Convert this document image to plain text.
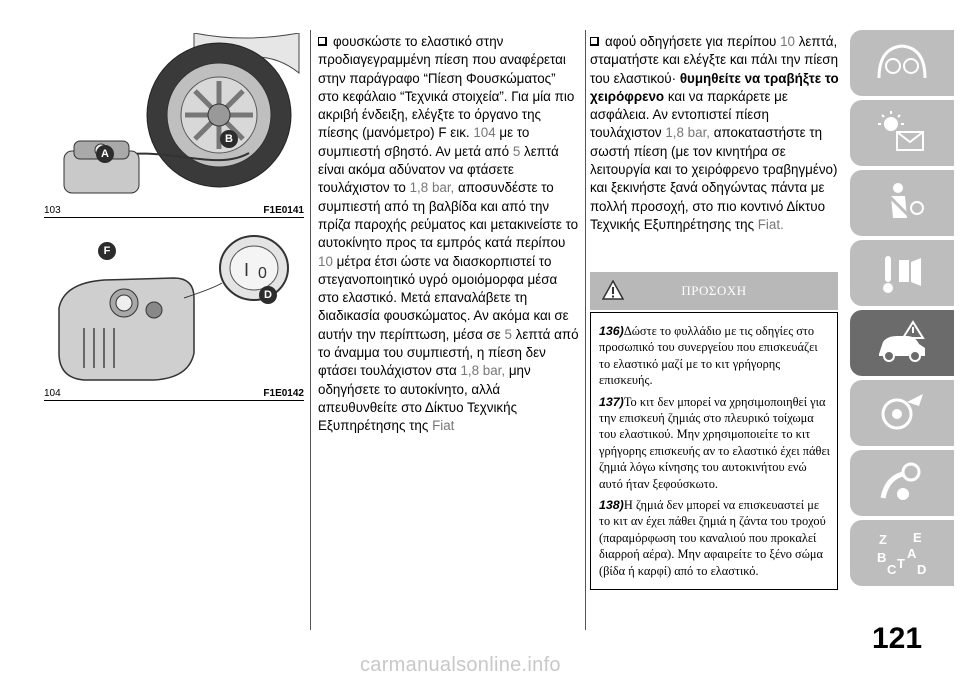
A
B
103	F1E0141
I 0
F
D
104	F1E0142
φουσκώστε το ελαστικό στην προδιαγεγραμμένη πίεση που αναφέρεται στην παράγραφο “Πίεση Φουσκώματος” στο κεφάλαιο “Τεχνικά στοιχεία”. Για μία πιο ακριβή ένδειξη, ελέγξτε το όργανο της πίεσης (μανόμετρο) F εικ. 104 με το συμπιεστή σβηστό. Αν μετά από 5 λεπτά είναι ακόμα αδύνατον να φτάσετε τουλάχιστον το 1,8 bar, αποσυνδέστε το συμπιεστή από τη βαλβίδα και από την πρίζα παροχής ρεύματος και μετακινείστε το αυτοκίνητο προς τα εμπρός κατά περίπου 10 μέτρα έτσι ώστε να διασκορπιστεί το στεγανοποιητικό υγρό ομοιόμορφα μέσα στο ελαστικό. Μετά επαναλάβετε τη διαδικασία φουσκώματος. Αν ακόμα και σε αυτήν την περίπτωση, μέσα σε 5 λεπτά από το άναμμα του συμπιεστή, η πίεση δεν φτάσει τουλάχιστον στα 1,8 bar, μην οδηγήσετε το αυτοκίνητο, αλλά απευθυνθείτε στο Δίκτυο Τεχνικής Εξυπηρέτησης της Fiat
αφού οδηγήσετε για περίπου 10 λεπτά, σταματήστε και ελέγξτε και πάλι την πίεση του ελαστικού· θυμηθείτε να τραβήξτε το χειρόφρενο και να παρκάρετε με ασφάλεια. Αν εντοπιστεί πίεση τουλάχιστον 1,8 bar, αποκαταστήστε τη σωστή πίεση (με τον κινητήρα σε λειτουργία και το χειρόφρενο τραβηγμένο) και ξεκινήστε ξανά οδηγώντας πάντα με πολλή προσοχή, στο πιο κοντινό Δίκτυο Τεχνικής Εξυπηρέτησης της Fiat.
ΠΡΟΣΟΧΗ

136)Δώστε το φυλλάδιο με τις οδηγίες στο προσωπικό του συνεργείου που επισκευάζει το ελαστικό μαζί με το κιτ γρήγορης επισκευής.

137)Το κιτ δεν μπορεί να χρησιμοποιηθεί για την επισκευή ζημιάς στο πλευρικό τοίχωμα του ελαστικού. Μην χρησιμοποιείτε το κιτ γρήγορης επισκευής αν το ελαστικό έχει πάθει ζημιά λόγω κίνησης του αυτοκινήτου ενώ αυτό ήταν ξεφούσκωτο.

138)Η ζημιά δεν μπορεί να επισκευαστεί με το κιτ αν έχει πάθει ζημιά η ζάντα του τροχού (παραμόρφωση του καναλιού που προκαλεί διαρροή αέρα). Μην αφαιρείτε το ξένο σώμα (βίδα ή καρφί) από το ελαστικό.

Z E
B A
C T D
121
carmanualsonline.info
